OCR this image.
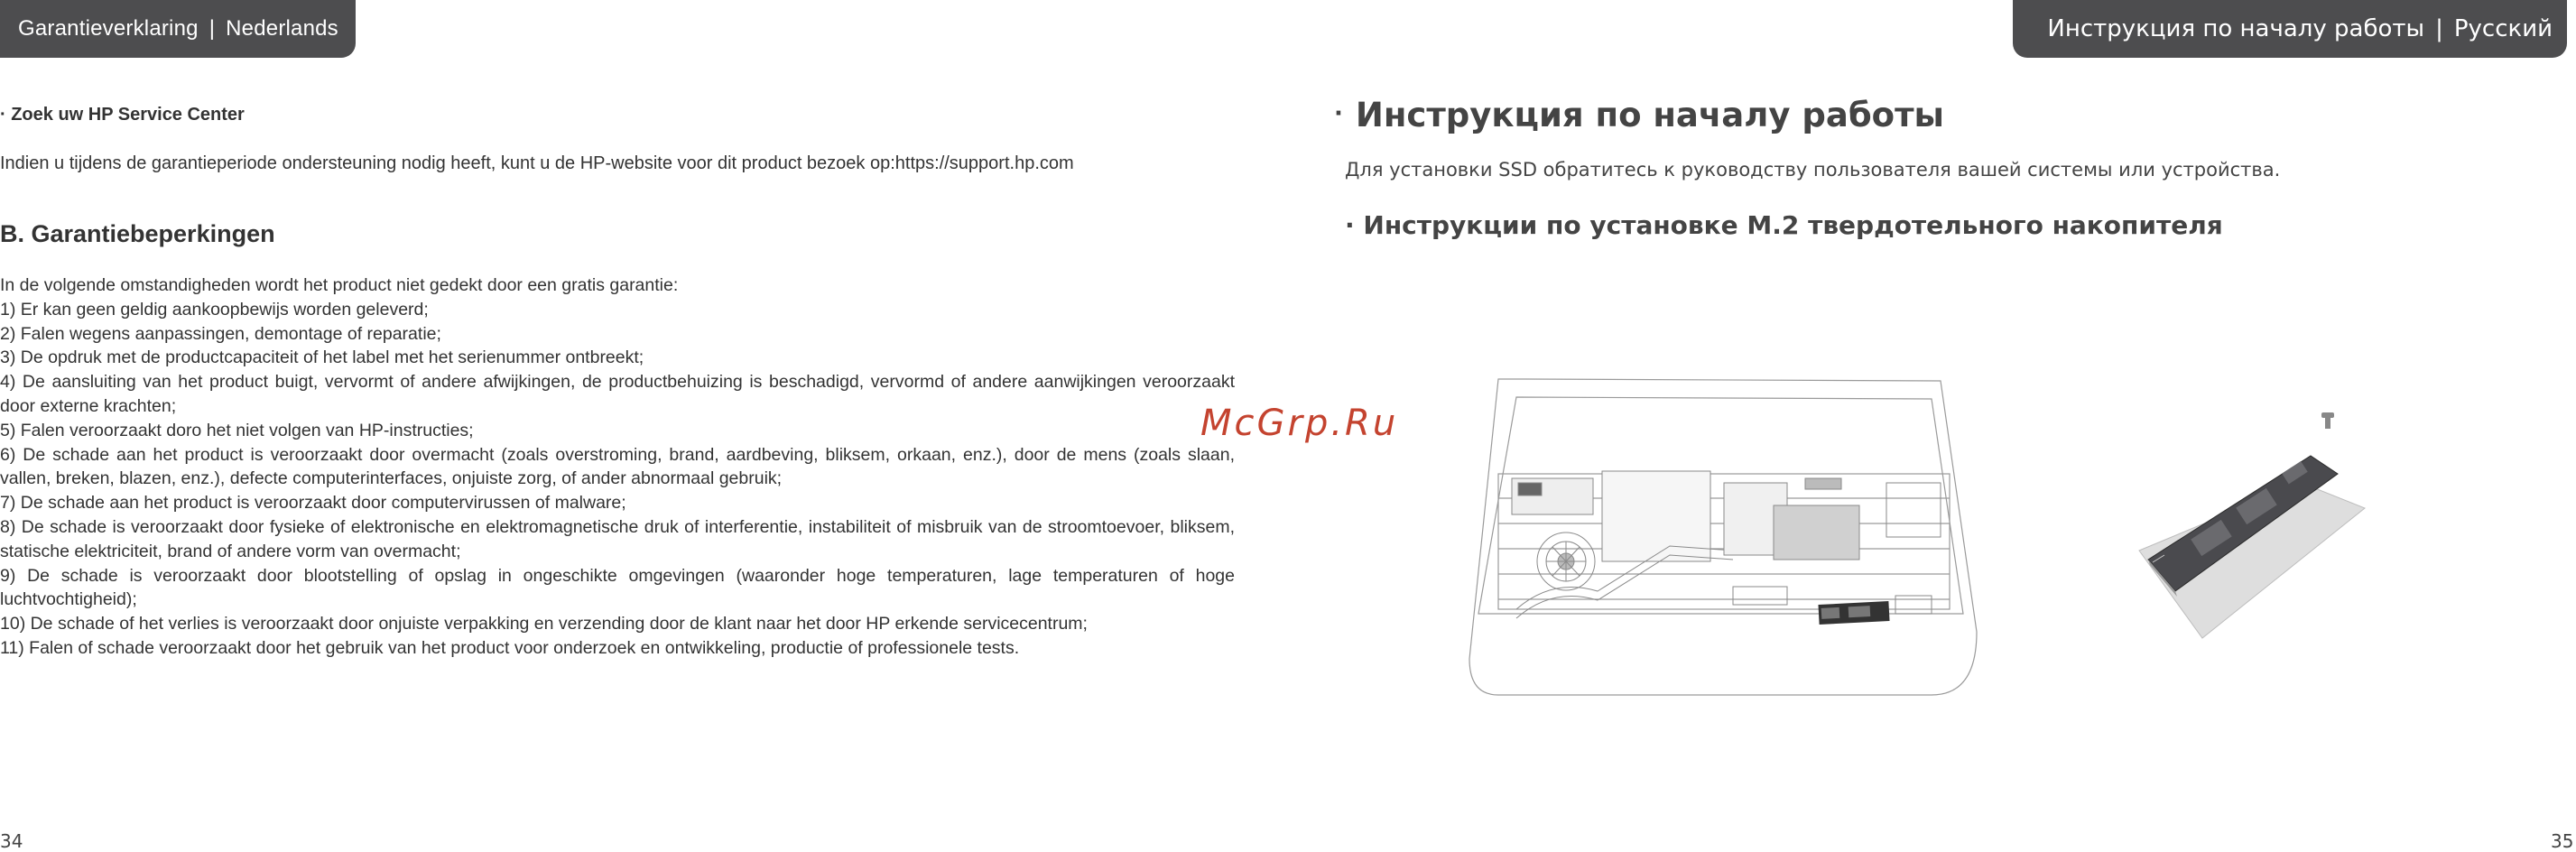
Garantieverklaring | Nederlands	Инструкция по началу работы | Русский
· Zoek uw HP Service Center
Indien u tijdens de garantieperiode ondersteuning nodig heeft, kunt u de HP-website voor dit product bezoek op:https://support.hp.com
B. Garantiebeperkingen

In de volgende omstandigheden wordt het product niet gedekt door een gratis garantie:

1) Er kan geen geldig aankoopbewijs worden geleverd;

2) Falen wegens aanpassingen, demontage of reparatie;

3) De opdruk met de productcapaciteit of het label met het serienummer ontbreekt;

4) De aansluiting van het product buigt, vervormt of andere afwijkingen, de productbehuizing is beschadigd, vervormd of andere aanwijkingen veroorzaakt door externe krachten;

5) Falen veroorzaakt doro het niet volgen van HP-instructies;

6) De schade aan het product is veroorzaakt door overmacht (zoals overstroming, brand, aardbeving, bliksem, orkaan, enz.), door de mens (zoals slaan, vallen, breken, blazen, enz.), defecte computerinterfaces, onjuiste zorg, of ander abnormaal gebruik;

7) De schade aan het product is veroorzaakt door computervirussen of malware;

8) De schade is veroorzaakt door fysieke of elektronische en elektromagnetische druk of interferentie, instabiliteit of misbruik van de stroomtoevoer, bliksem, statische elektriciteit, brand of andere vorm van overmacht;

9) De schade is veroorzaakt door blootstelling of opslag in ongeschikte omgevingen (waaronder hoge temperaturen, lage temperaturen of hoge luchtvochtigheid);

10) De schade of het verlies is veroorzaakt door onjuiste verpakking en verzending door de klant naar het door HP erkende servicecentrum;

11) Falen of schade veroorzaakt door het gebruik van het product voor onderzoek en ontwikkeling, productie of professionele tests.

· Инструкция по началу работы
Для установки SSD обратитесь к руководству пользователя вашей системы или устройства.
· Инструкции по установке M.2 твердотельного накопителя
McGrp.Ru
34	35
